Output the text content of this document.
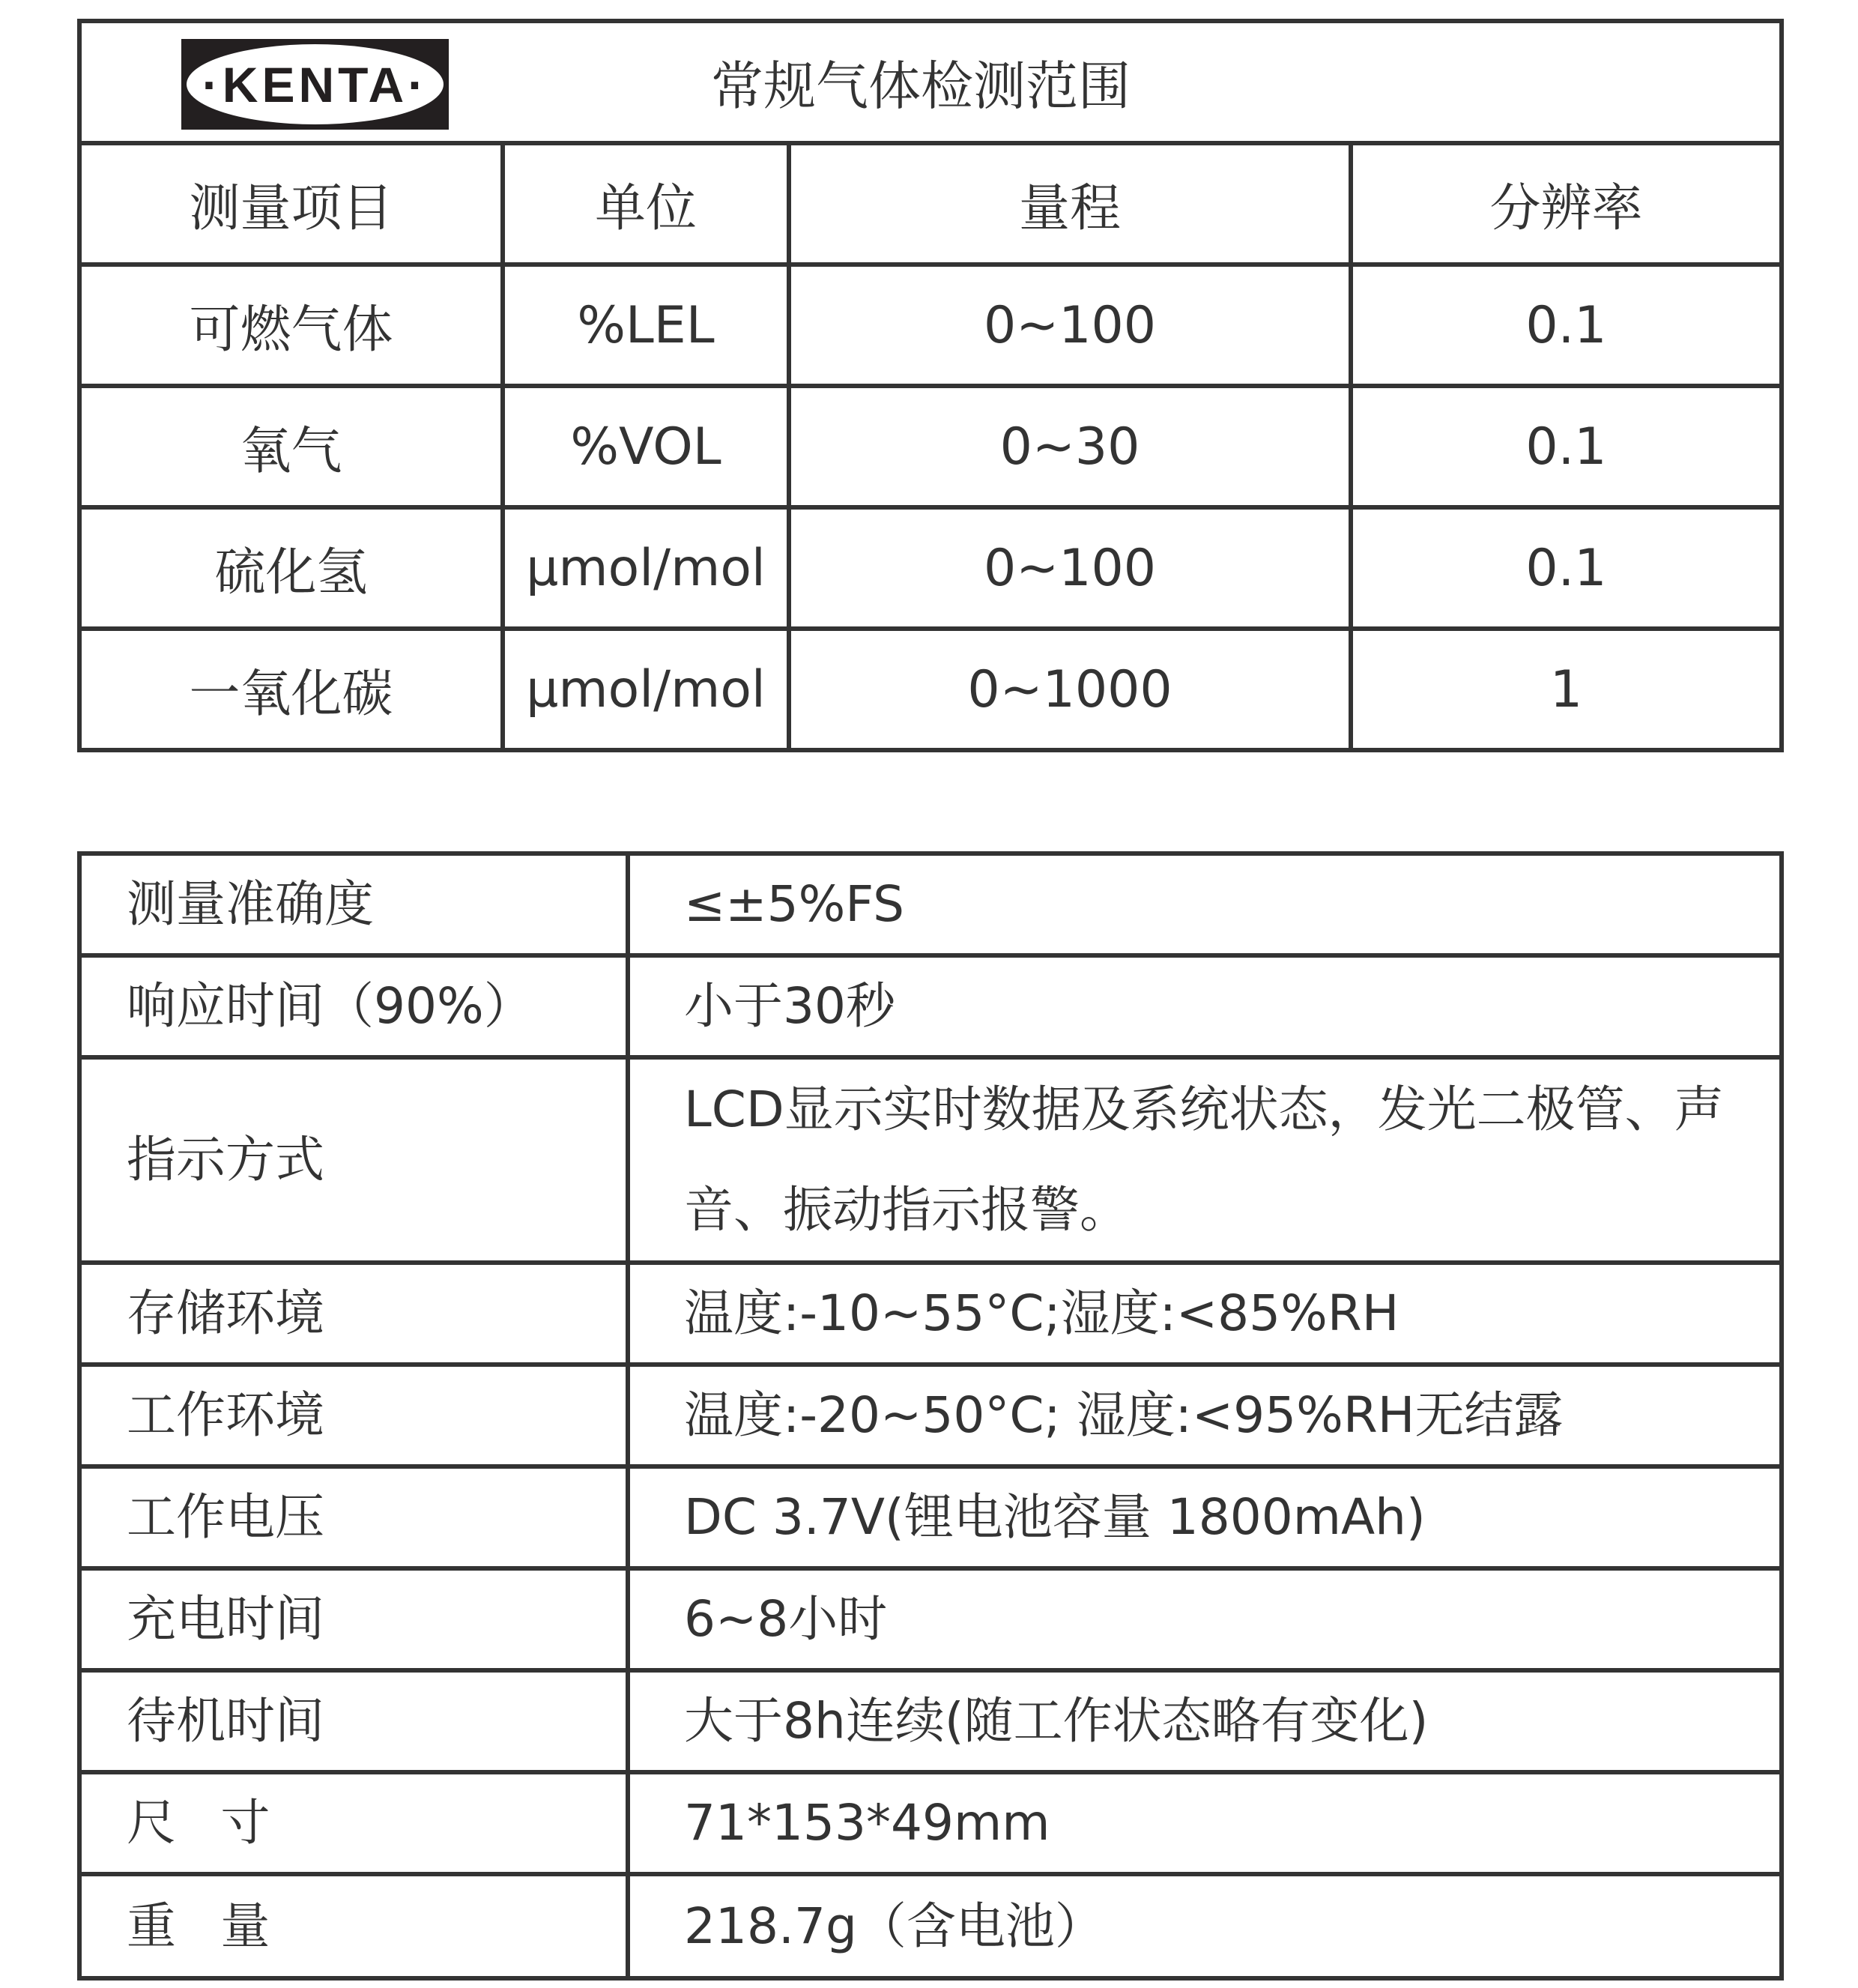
·KENTA· 常规气体检测范围			

测量项目	单位	量程	分辨率
可燃气体	%LEL	0~100	0.1
氧气	%VOL	0~30	0.1
硫化氢	µmol/mol	0~100	0.1
一氧化碳	µmol/mol	0~1000	1
测量准确度	≤±5%FS
响应时间（90%）	小于30秒
指示方式	LCD显示实时数据及系统状态，发光二极管、声音、振动指示报警。
存储环境	温度:-10~55°C;湿度:<85%RH
工作环境	温度:-20~50°C; 湿度:<95%RH无结露
工作电压	DC 3.7V(锂电池容量 1800mAh)
充电时间	6~8小时
待机时间	大于8h连续(随工作状态略有变化)
尺寸	71*153*49mm
重量	218.7g（含电池）
